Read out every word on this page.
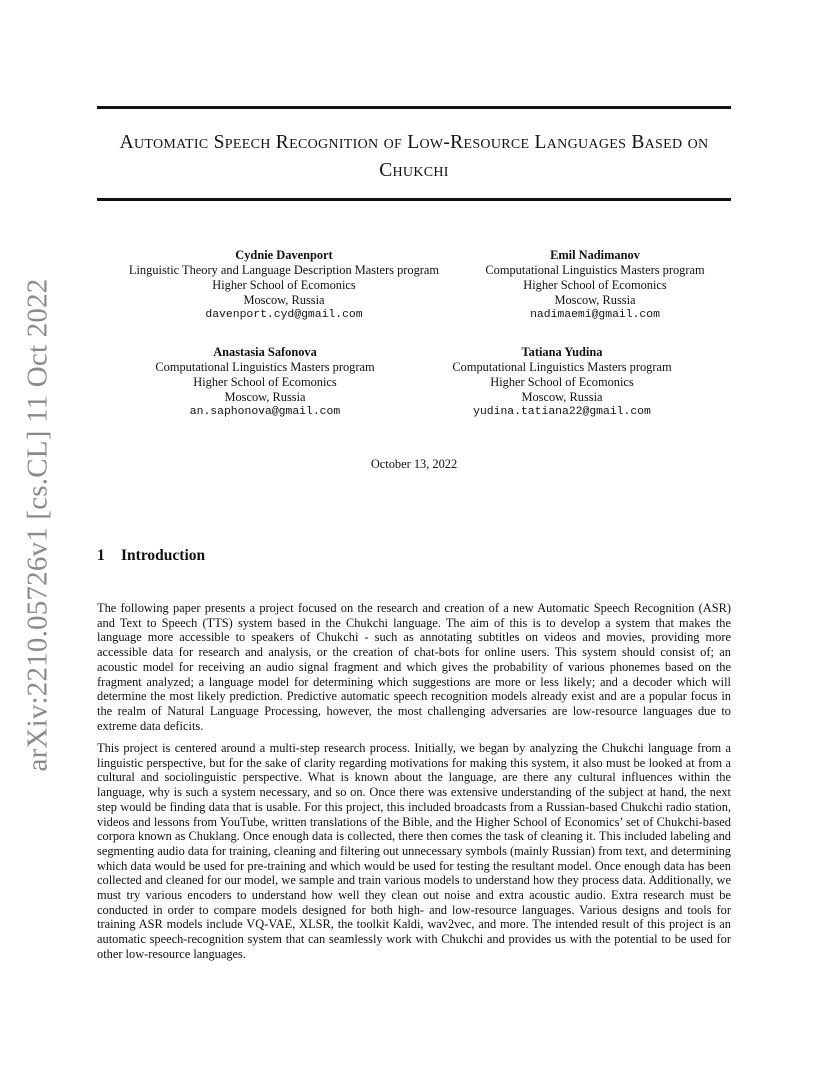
arXiv:2210.05726v1 [cs.CL] 11 Oct 2022
Automatic Speech Recognition of Low-Resource Languages Based on Chukchi
Cydnie Davenport
Linguistic Theory and Language Description Masters program
Higher School of Ecomonics
Moscow, Russia
davenport.cyd@gmail.com
Emil Nadimanov
Computational Linguistics Masters program
Higher School of Ecomonics
Moscow, Russia
nadimaemi@gmail.com
Anastasia Safonova
Computational Linguistics Masters program
Higher School of Ecomonics
Moscow, Russia
an.saphonova@gmail.com
Tatiana Yudina
Computational Linguistics Masters program
Higher School of Ecomonics
Moscow, Russia
yudina.tatiana22@gmail.com
October 13, 2022
1 Introduction

The following paper presents a project focused on the research and creation of a new Automatic Speech Recognition (ASR) and Text to Speech (TTS) system based in the Chukchi language. The aim of this is to develop a system that makes the language more accessible to speakers of Chukchi - such as annotating subtitles on videos and movies, providing more accessible data for research and analysis, or the creation of chat-bots for online users. This system should consist of; an acoustic model for receiving an audio signal fragment and which gives the probability of various phonemes based on the fragment analyzed; a language model for determining which suggestions are more or less likely; and a decoder which will determine the most likely prediction. Predictive automatic speech recognition models already exist and are a popular focus in the realm of Natural Language Processing, however, the most challenging adversaries are low-resource languages due to extreme data deficits.

This project is centered around a multi-step research process. Initially, we began by analyzing the Chukchi language from a linguistic perspective, but for the sake of clarity regarding motivations for making this system, it also must be looked at from a cultural and sociolinguistic perspective. What is known about the language, are there any cultural influences within the language, why is such a system necessary, and so on. Once there was extensive understanding of the subject at hand, the next step would be finding data that is usable. For this project, this included broadcasts from a Russian-based Chukchi radio station, videos and lessons from YouTube, written translations of the Bible, and the Higher School of Economics’ set of Chukchi-based corpora known as Chuklang. Once enough data is collected, there then comes the task of cleaning it. This included labeling and segmenting audio data for training, cleaning and filtering out unnecessary symbols (mainly Russian) from text, and determining which data would be used for pre-training and which would be used for testing the resultant model. Once enough data has been collected and cleaned for our model, we sample and train various models to understand how they process data. Additionally, we must try various encoders to understand how well they clean out noise and extra acoustic audio. Extra research must be conducted in order to compare models designed for both high- and low-resource languages. Various designs and tools for training ASR models include VQ-VAE, XLSR, the toolkit Kaldi, wav2vec, and more. The intended result of this project is an automatic speech-recognition system that can seamlessly work with Chukchi and provides us with the potential to be used for other low-resource languages.
